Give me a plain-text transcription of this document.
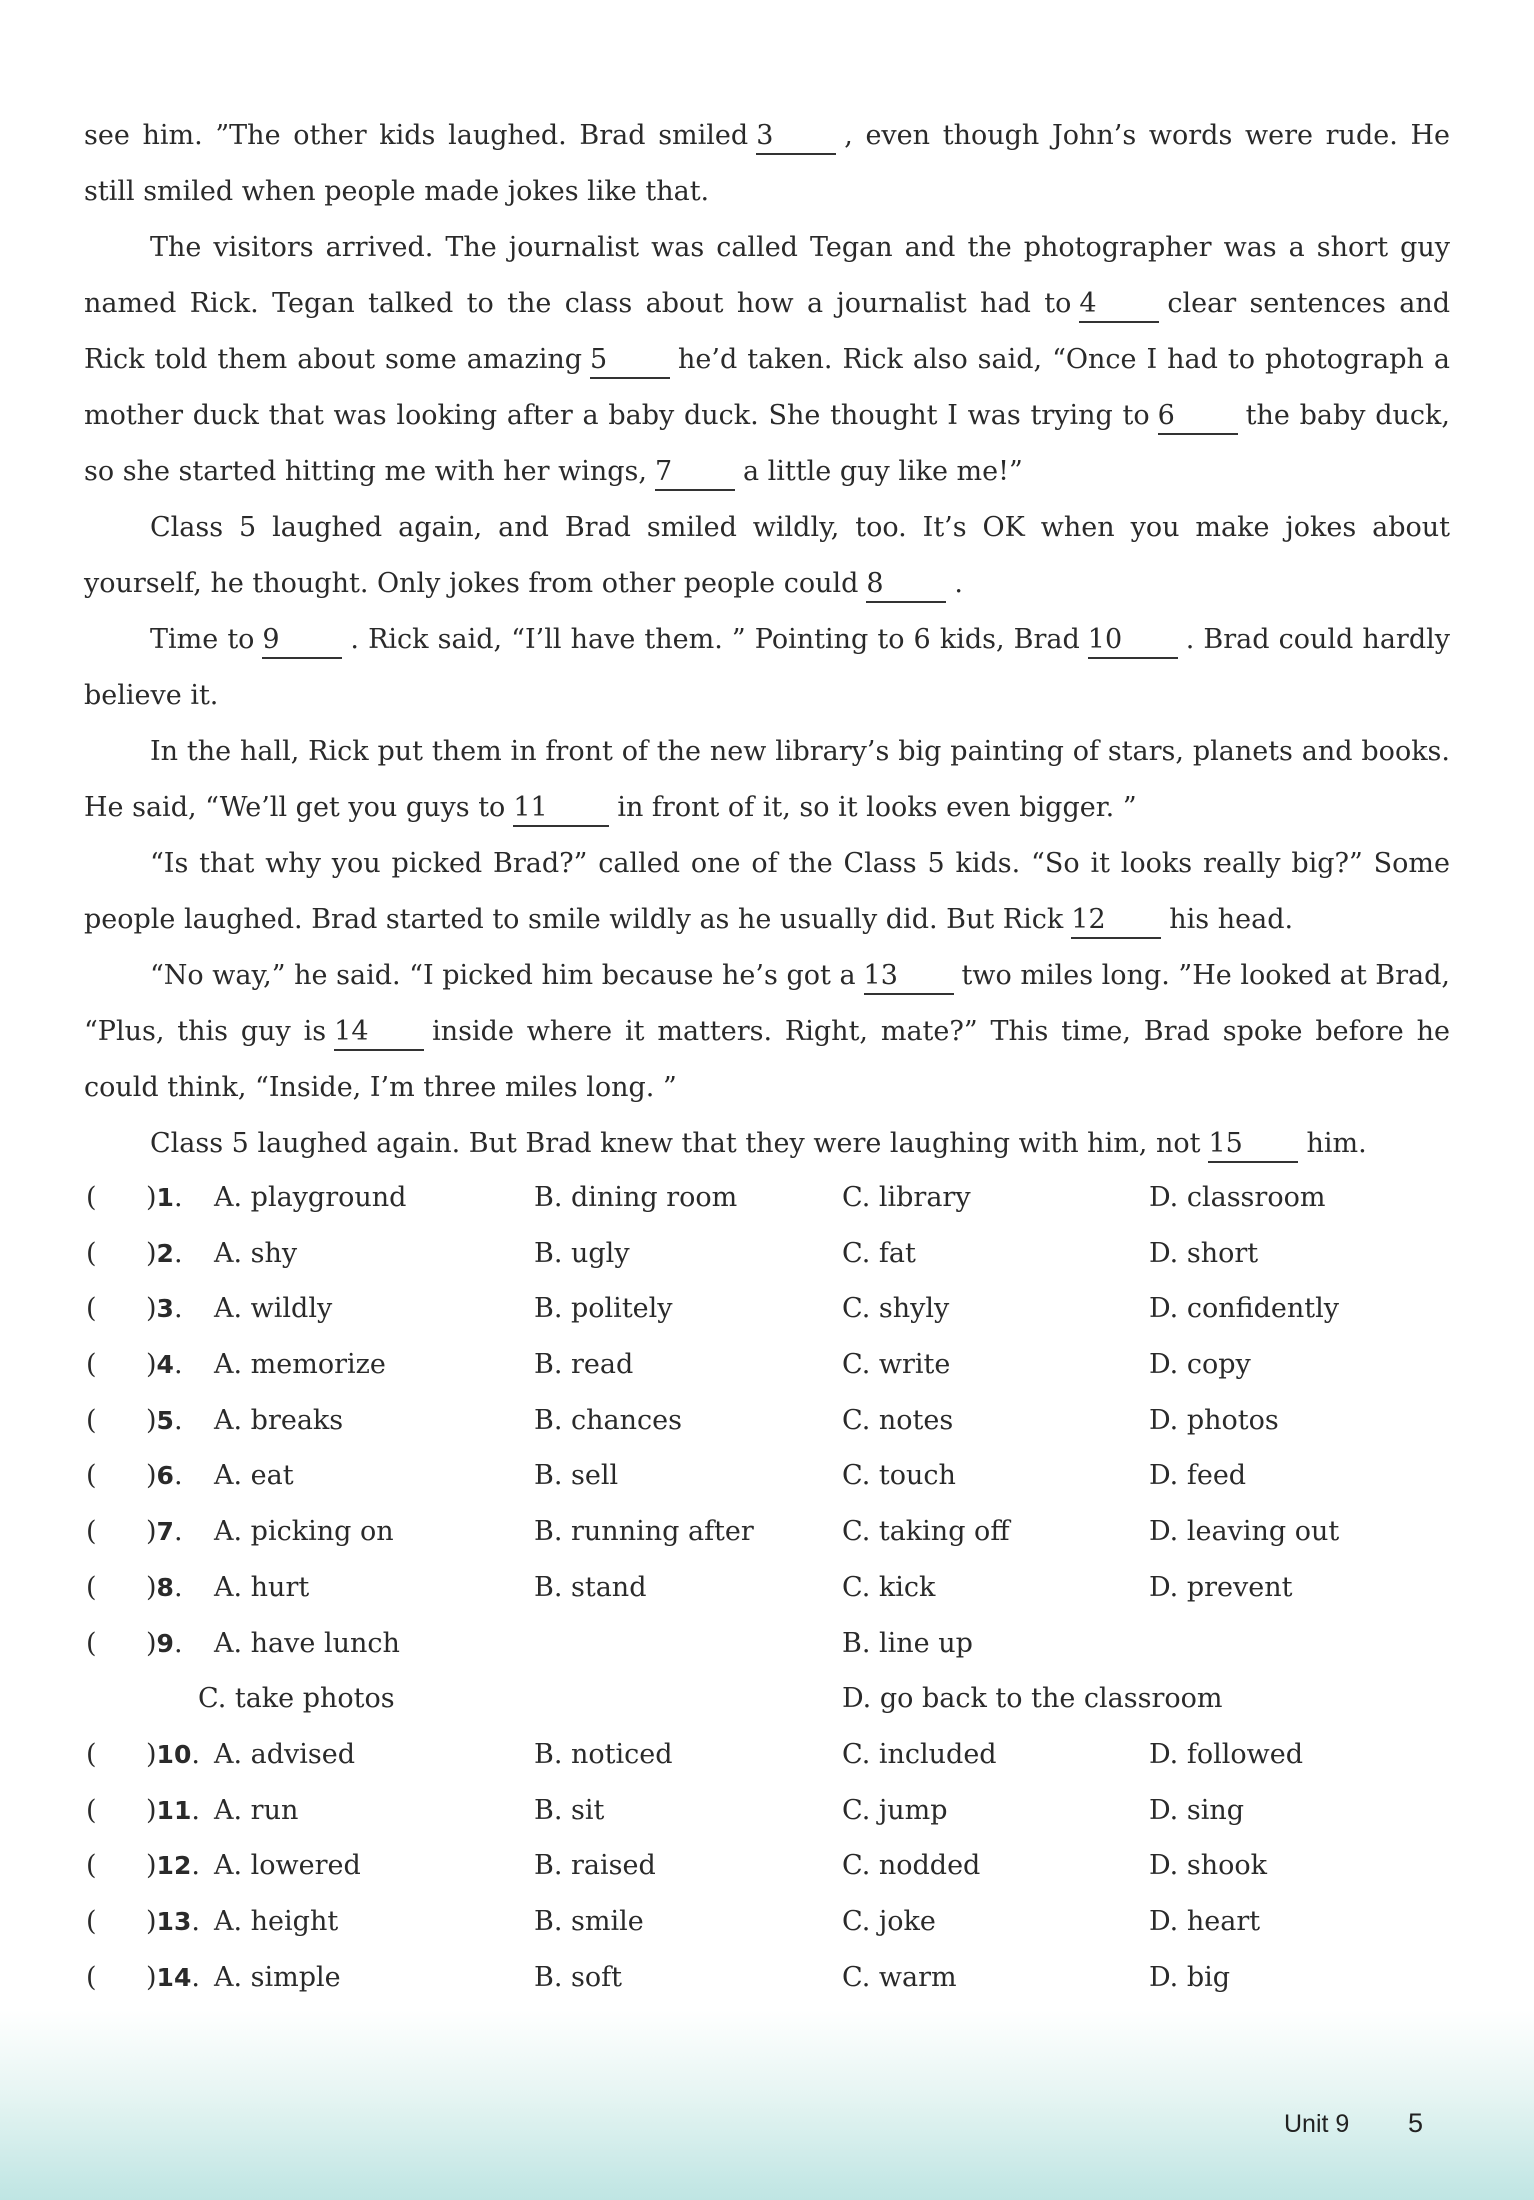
see him. ”The other kids laughed. Brad smiled 3	, even though John’s words were rude. He still smiled when people made jokes like that.

The visitors arrived. The journalist was called Tegan and the photographer was a short guy named Rick. Tegan talked to the class about how a journalist had to 4	clear sentences and Rick told them about some amazing 5	he’d taken. Rick also said, “Once I had to photograph a mother duck that was looking after a baby duck. She thought I was trying to 6	the baby duck, so she started hitting me with her wings, 7	a little guy like me!”

Class 5 laughed again, and Brad smiled wildly, too. It’s OK when you make jokes about yourself, he thought. Only jokes from other people could 8	.

Time to 9	. Rick said, “I’ll have them. ” Pointing to 6 kids, Brad 10 . Brad could hardly believe it.

In the hall, Rick put them in front of the new library’s big painting of stars, planets and books. He said, “We’ll get you guys to 11	in front of it, so it looks even bigger. ”

“Is that why you picked Brad?” called one of the Class 5 kids. “So it looks really big?” Some people laughed. Brad started to smile wildly as he usually did. But Rick 12 his head.

“No way,” he said. “I picked him because he’s got a 13 two miles long. ”He looked at Brad, “Plus, this guy is 14 inside where it matters. Right, mate?” This time, Brad spoke before he could think, “Inside, I’m three miles long. ”

Class 5 laughed again. But Brad knew that they were laughing with him, not 15 him.

( )1. A. playground	B. dining room	C. library	D. classroom
( )2. A. shy	B. ugly	C. fat	D. short
( )3. A. wildly	B. politely	C. shyly	D. confidently
( )4. A. memorize	B. read	C. write	D. copy
( )5. A. breaks	B. chances	C. notes	D. photos
( )6. A. eat	B. sell	C. touch	D. feed
( )7. A. picking on	B. running after	C. taking off	D. leaving out
( )8. A. hurt	B. stand	C. kick	D. prevent
( )9. A. have lunch	B. line up
C. take photos	D. go back to the classroom
( )10. A. advised	B. noticed	C. included	D. followed
( )11. A. run	B. sit	C. jump	D. sing
( )12. A. lowered	B. raised	C. nodded	D. shook
( )13. A. height	B. smile	C. joke	D. heart
( )14. A. simple	B. soft	C. warm	D. big
Unit 9 5
